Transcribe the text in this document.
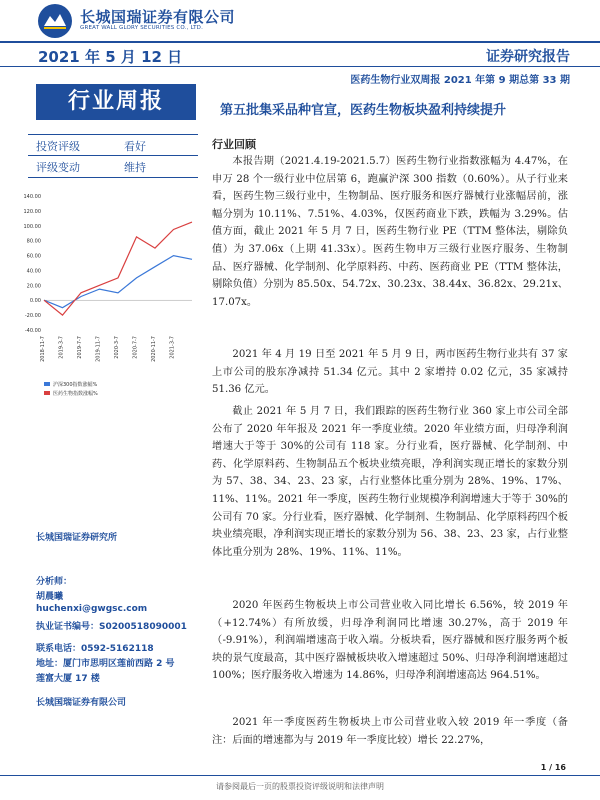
长城国瑞证券有限公司
GREAT WALL GLORY SECURITIES CO., LTD.
2021 年 5 月 12 日	证券研究报告
医药生物行业双周报 2021 年第 9 期总第 33 期
行业周报	第五批集采品种官宣，医药生物板块盈利持续提升
投资评级	看好
评级变动	维持
140.00
120.00
100.00
80.00
60.00
40.00
20.00
0.00
-20.00
-40.00
2018-11-7	2019-3-7	2019-7-7	2019-11-7	2020-3-7	2020-7-7	2020-11-7	2021-3-7
沪深300指数涨幅%
医药生物指数涨幅%
长城国瑞证券研究所
分析师：
胡晨曦
huchenxi@gwgsc.com
执业证书编号：S0200518090001
联系电话：0592-5162118
地址：厦门市思明区莲前西路 2 号
莲富大厦 17 楼
长城国瑞证券有限公司
行业回顾
本报告期（2021.4.19-2021.5.7）医药生物行业指数涨幅为 4.47%，在申万 28 个一级行业中位居第 6，跑赢沪深 300 指数（0.60%）。从子行业来看，医药生物三级行业中，生物制品、医疗服务和医疗器械行业涨幅居前，涨幅分别为 10.11%、7.51%、4.03%，仅医药商业下跌，跌幅为 3.29%。估值方面，截止 2021 年 5 月 7 日，医药生物行业 PE（TTM 整体法，剔除负值）为 37.06x（上期 41.33x）。医药生物申万三级行业医疗服务、生物制品、医疗器械、化学制剂、化学原料药、中药、医药商业 PE（TTM 整体法，剔除负值）分别为 85.50x、54.72x、30.23x、38.44x、36.82x、29.21x、17.07x。
2021 年 4 月 19 日至 2021 年 5 月 9 日，两市医药生物行业共有 37 家上市公司的股东净减持 51.34 亿元。其中 2 家增持 0.02 亿元，35 家减持 51.36 亿元。
截止 2021 年 5 月 7 日，我们跟踪的医药生物行业 360 家上市公司全部公布了 2020 年年报及 2021 年一季度业绩。2020 年业绩方面，归母净利润增速大于等于 30%的公司有 118 家。分行业看，医疗器械、化学制剂、中药、化学原料药、生物制品五个板块业绩亮眼，净利润实现正增长的家数分别为 57、38、34、23、23 家，占行业整体比重分别为 28%、19%、17%、11%、11%。2021 年一季度，医药生物行业规模净利润增速大于等于 30%的公司有 70 家。分行业看，医疗器械、化学制剂、生物制品、化学原料药四个板块业绩亮眼，净利润实现正增长的家数分别为 56、38、23、23 家，占行业整体比重分别为 28%、19%、11%、11%。
2020 年医药生物板块上市公司营业收入同比增长 6.56%，较 2019 年（+12.74%）有所放缓，归母净利润同比增速 30.27%，高于 2019 年（-9.91%），利润端增速高于收入端。分板块看，医疗器械和医疗服务两个板块的景气度最高，其中医疗器械板块收入增速超过 50%、归母净利润增速超过 100%；医疗服务收入增速为 14.86%，归母净利润增速高达 964.51%。
2021 年一季度医药生物板块上市公司营业收入较 2019 年一季度（备注：后面的增速都为与 2019 年一季度比较）增长 22.27%，
1 / 16
请参阅最后一页的股票投资评级说明和法律声明
